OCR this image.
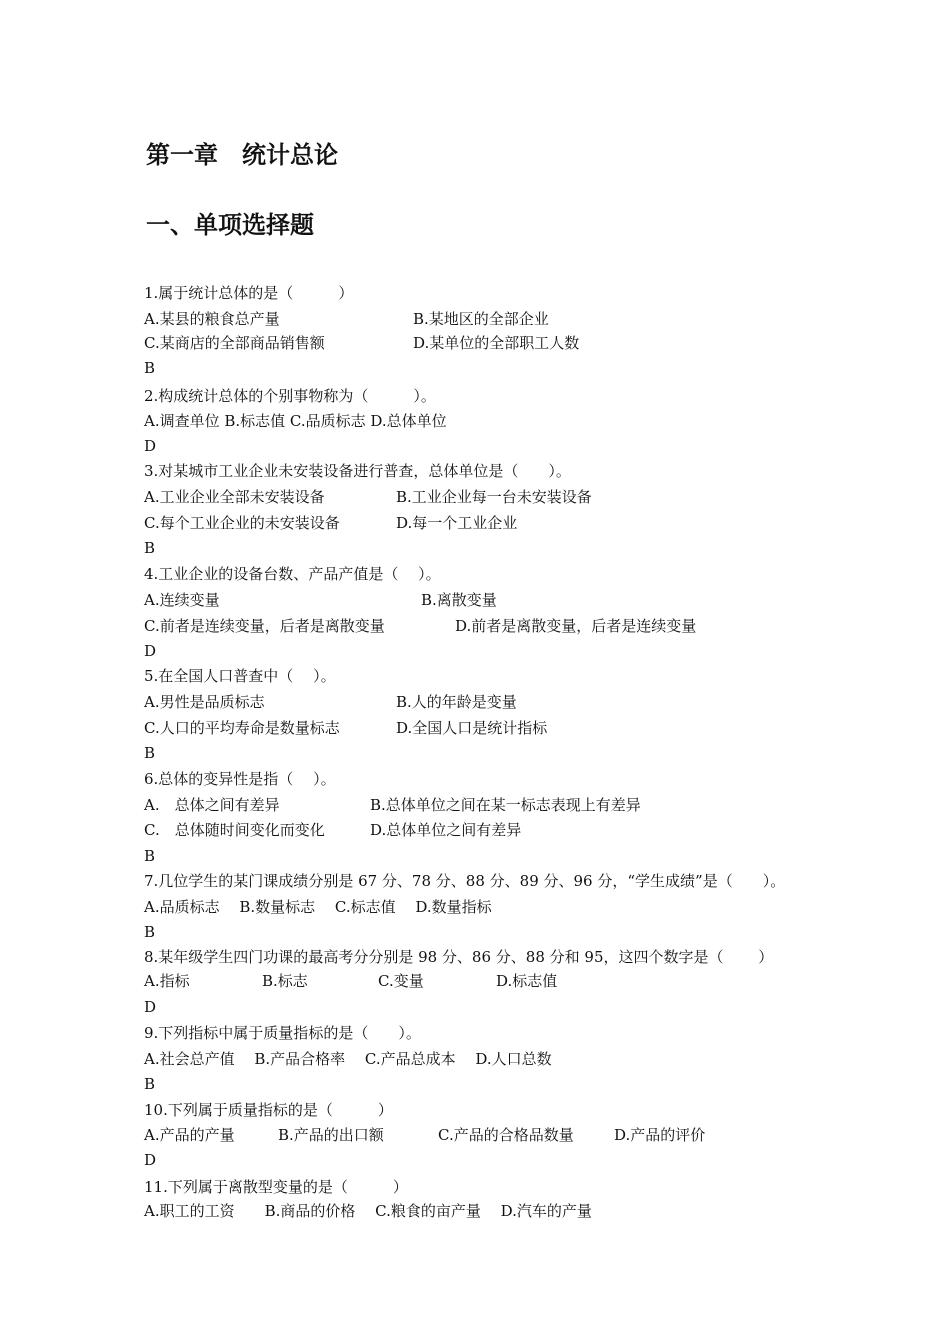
第一章　统计总论
一、单项选择题
1.属于统计总体的是（　　　）
A.某县的粮食总产量	B.某地区的全部企业
C.某商店的全部商品销售额	D.某单位的全部职工人数
B
2.构成统计总体的个别事物称为（　　　）。
A.调查单位 B.标志值 C.品质标志 D.总体单位
D
3.对某城市工业企业未安装设备进行普查，总体单位是（　　）。
A.工业企业全部未安装设备	B.工业企业每一台未安装设备
C.每个工业企业的未安装设备	D.每一个工业企业
B
4.工业企业的设备台数、产品产值是（　 ）。
A.连续变量	B.离散变量
C.前者是连续变量，后者是离散变量	D.前者是离散变量，后者是连续变量
D
5.在全国人口普查中（　 ）。
A.男性是品质标志	B.人的年龄是变量
C.人口的平均寿命是数量标志	D.全国人口是统计指标
B
6.总体的变异性是指（　 ）。
A.　总体之间有差异	B.总体单位之间在某一标志表现上有差异
C.　总体随时间变化而变化	D.总体单位之间有差异
B
7.几位学生的某门课成绩分别是 67 分、78 分、88 分、89 分、96 分，“学生成绩”是（　　）。
A.品质标志　 B.数量标志　 C.标志值　 D.数量指标
B
8.某年级学生四门功课的最高考分分别是 98 分、86 分、88 分和 95，这四个数字是（　　 ）
A.指标	B.标志	C.变量	D.标志值
D
9.下列指标中属于质量指标的是（　　）。
A.社会总产值　 B.产品合格率　 C.产品总成本　 D.人口总数
B
10.下列属于质量指标的是（　　　）
A.产品的产量	B.产品的出口额	C.产品的合格品数量	D.产品的评价
D
11.下列属于离散型变量的是（　　　）
A.职工的工资　　B.商品的价格　 C.粮食的亩产量　 D.汽车的产量
